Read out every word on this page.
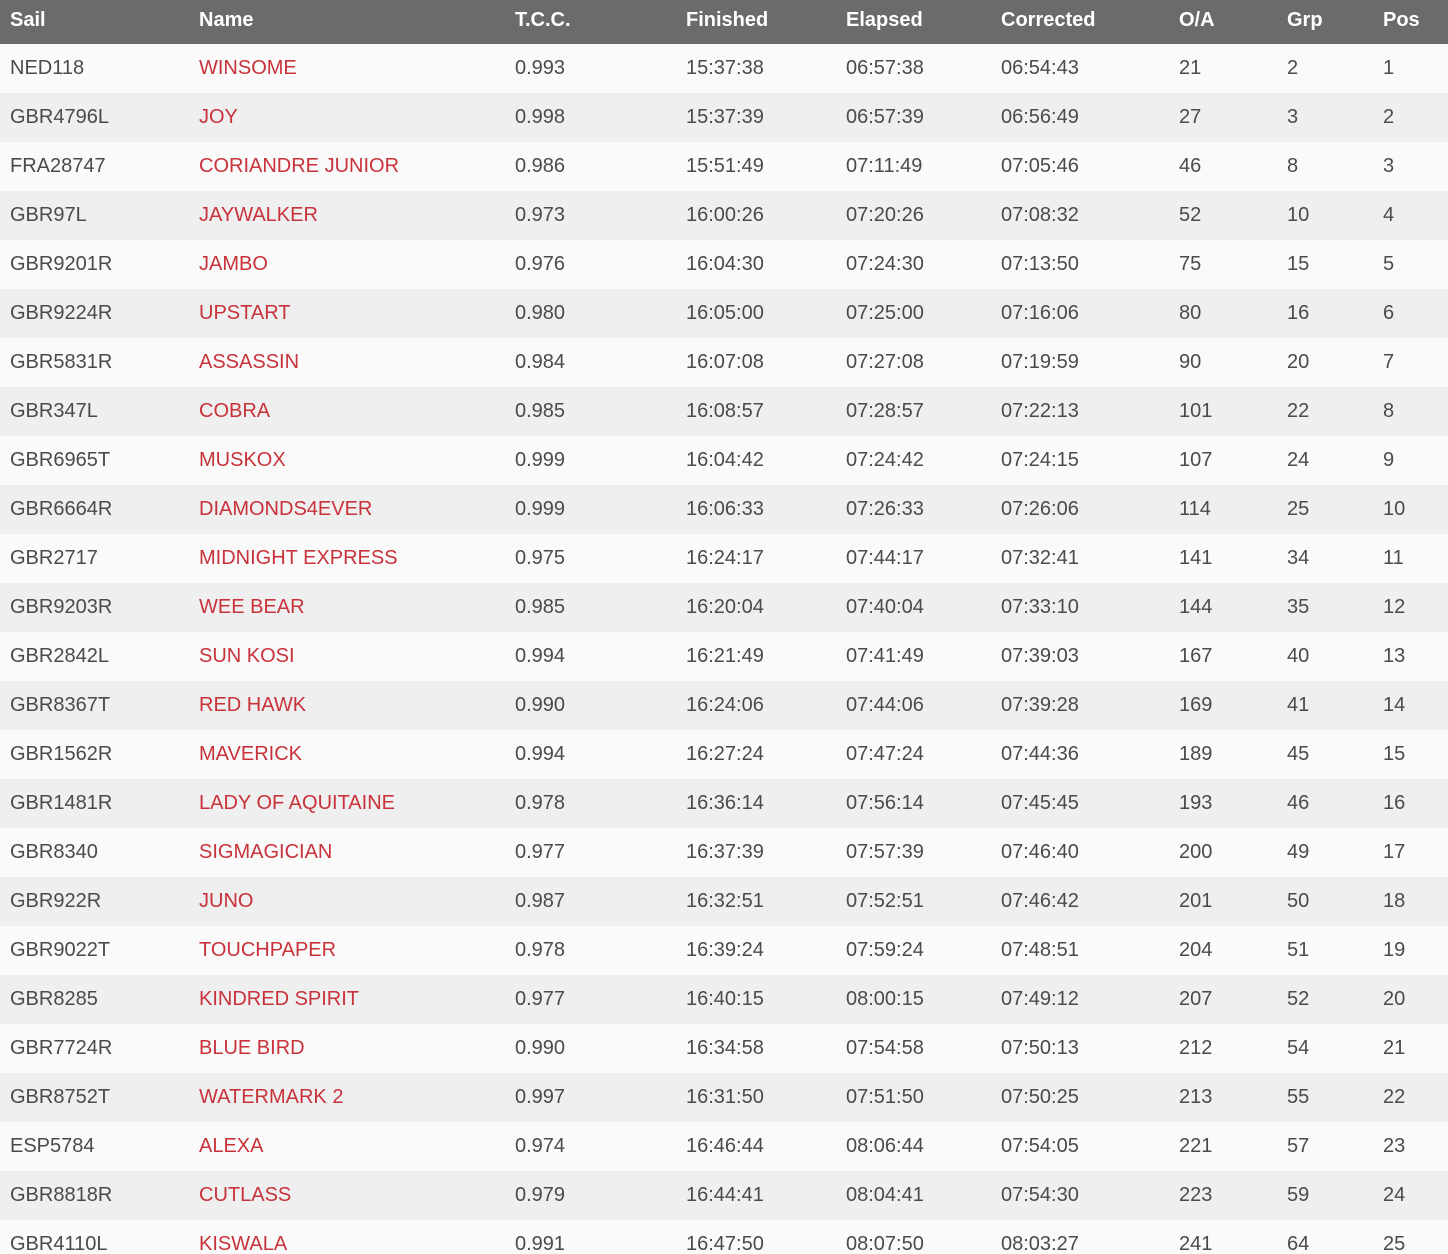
Sail	Name	T.C.C.	Finished	Elapsed	Corrected	O/A	Grp	Pos
NED118	WINSOME	0.993	15:37:38	06:57:38	06:54:43	21	2	1
GBR4796L	JOY	0.998	15:37:39	06:57:39	06:56:49	27	3	2
FRA28747	CORIANDRE JUNIOR	0.986	15:51:49	07:11:49	07:05:46	46	8	3
GBR97L	JAYWALKER	0.973	16:00:26	07:20:26	07:08:32	52	10	4
GBR9201R	JAMBO	0.976	16:04:30	07:24:30	07:13:50	75	15	5
GBR9224R	UPSTART	0.980	16:05:00	07:25:00	07:16:06	80	16	6
GBR5831R	ASSASSIN	0.984	16:07:08	07:27:08	07:19:59	90	20	7
GBR347L	COBRA	0.985	16:08:57	07:28:57	07:22:13	101	22	8
GBR6965T	MUSKOX	0.999	16:04:42	07:24:42	07:24:15	107	24	9
GBR6664R	DIAMONDS4EVER	0.999	16:06:33	07:26:33	07:26:06	114	25	10
GBR2717	MIDNIGHT EXPRESS	0.975	16:24:17	07:44:17	07:32:41	141	34	11
GBR9203R	WEE BEAR	0.985	16:20:04	07:40:04	07:33:10	144	35	12
GBR2842L	SUN KOSI	0.994	16:21:49	07:41:49	07:39:03	167	40	13
GBR8367T	RED HAWK	0.990	16:24:06	07:44:06	07:39:28	169	41	14
GBR1562R	MAVERICK	0.994	16:27:24	07:47:24	07:44:36	189	45	15
GBR1481R	LADY OF AQUITAINE	0.978	16:36:14	07:56:14	07:45:45	193	46	16
GBR8340	SIGMAGICIAN	0.977	16:37:39	07:57:39	07:46:40	200	49	17
GBR922R	JUNO	0.987	16:32:51	07:52:51	07:46:42	201	50	18
GBR9022T	TOUCHPAPER	0.978	16:39:24	07:59:24	07:48:51	204	51	19
GBR8285	KINDRED SPIRIT	0.977	16:40:15	08:00:15	07:49:12	207	52	20
GBR7724R	BLUE BIRD	0.990	16:34:58	07:54:58	07:50:13	212	54	21
GBR8752T	WATERMARK 2	0.997	16:31:50	07:51:50	07:50:25	213	55	22
ESP5784	ALEXA	0.974	16:46:44	08:06:44	07:54:05	221	57	23
GBR8818R	CUTLASS	0.979	16:44:41	08:04:41	07:54:30	223	59	24
GBR4110L	KISWALA	0.991	16:47:50	08:07:50	08:03:27	241	64	25
